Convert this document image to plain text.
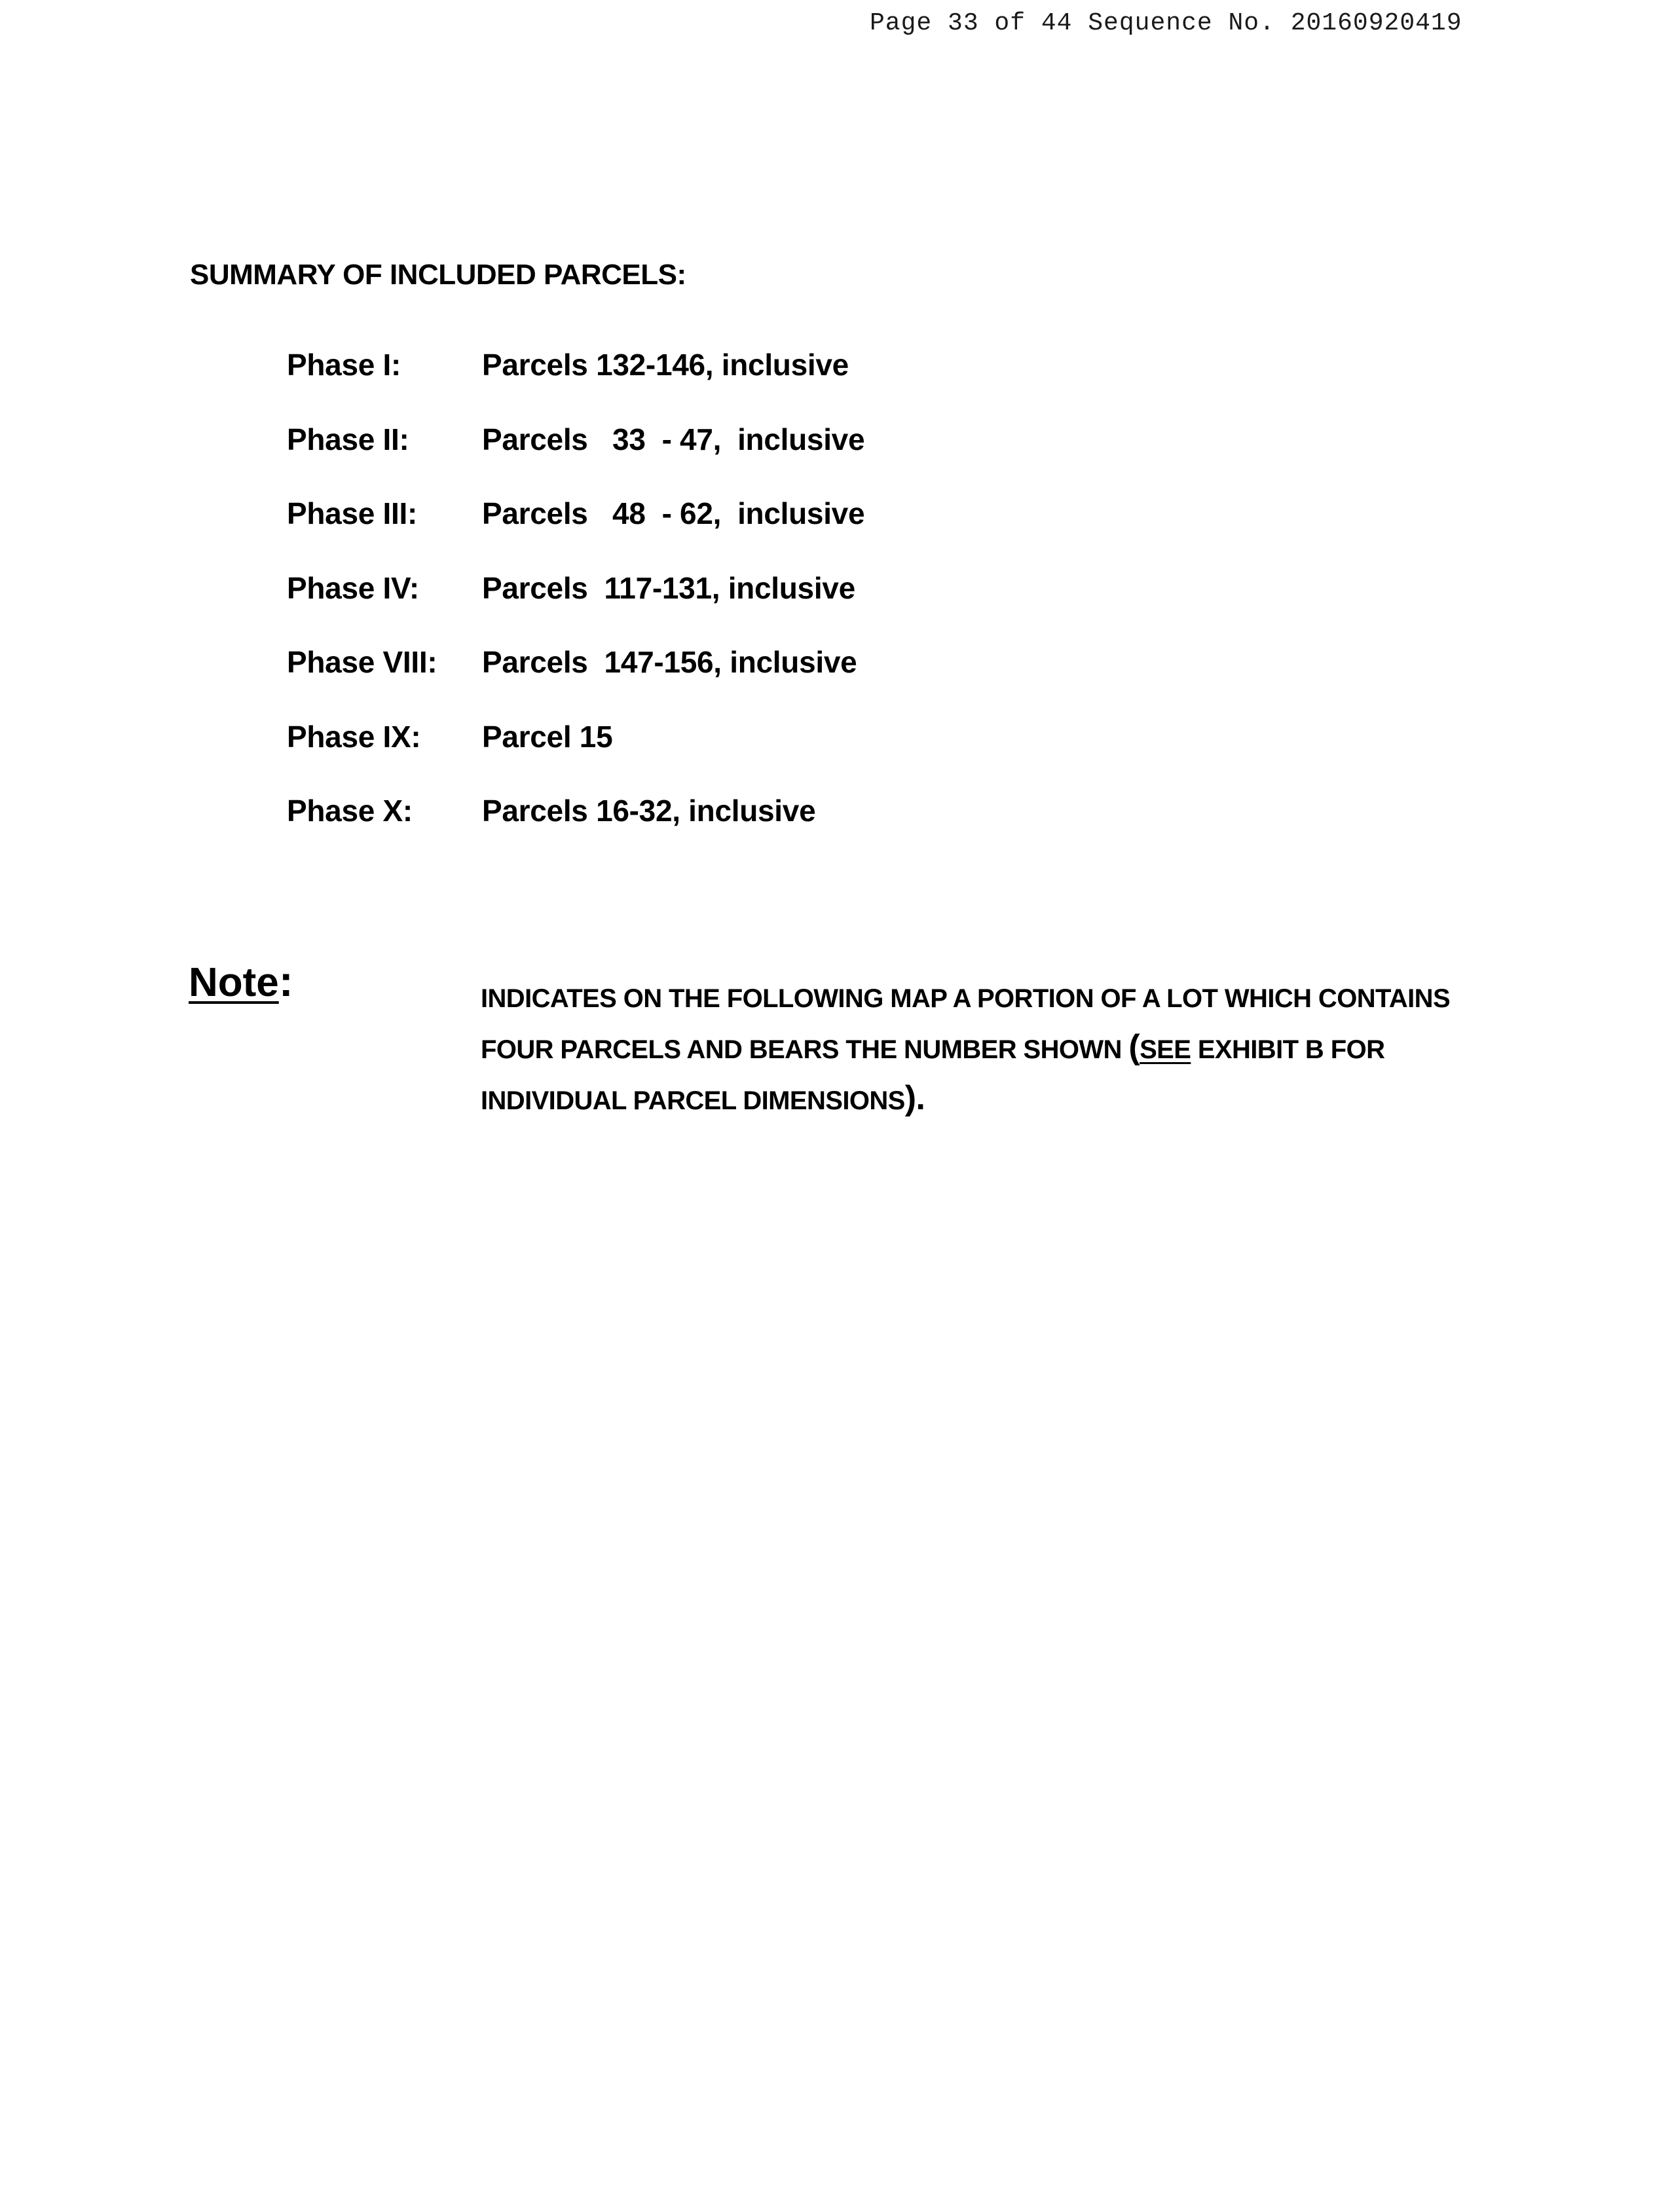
Page 33 of 44 Sequence No. 20160920419
SUMMARY OF INCLUDED PARCELS:
Phase I:	Parcels 132-146, inclusive
Phase II:	Parcels   33  - 47,  inclusive
Phase III:	Parcels   48  - 62,  inclusive
Phase IV:	Parcels  117-131, inclusive
Phase VIII:	Parcels  147-156, inclusive
Phase IX:	Parcel 15
Phase X:	Parcels 16-32, inclusive
Note:	INDICATES ON THE FOLLOWING MAP A PORTION OF A LOT WHICH CONTAINS
FOUR PARCELS AND BEARS THE NUMBER SHOWN (SEE EXHIBIT B FOR
INDIVIDUAL PARCEL DIMENSIONS).
